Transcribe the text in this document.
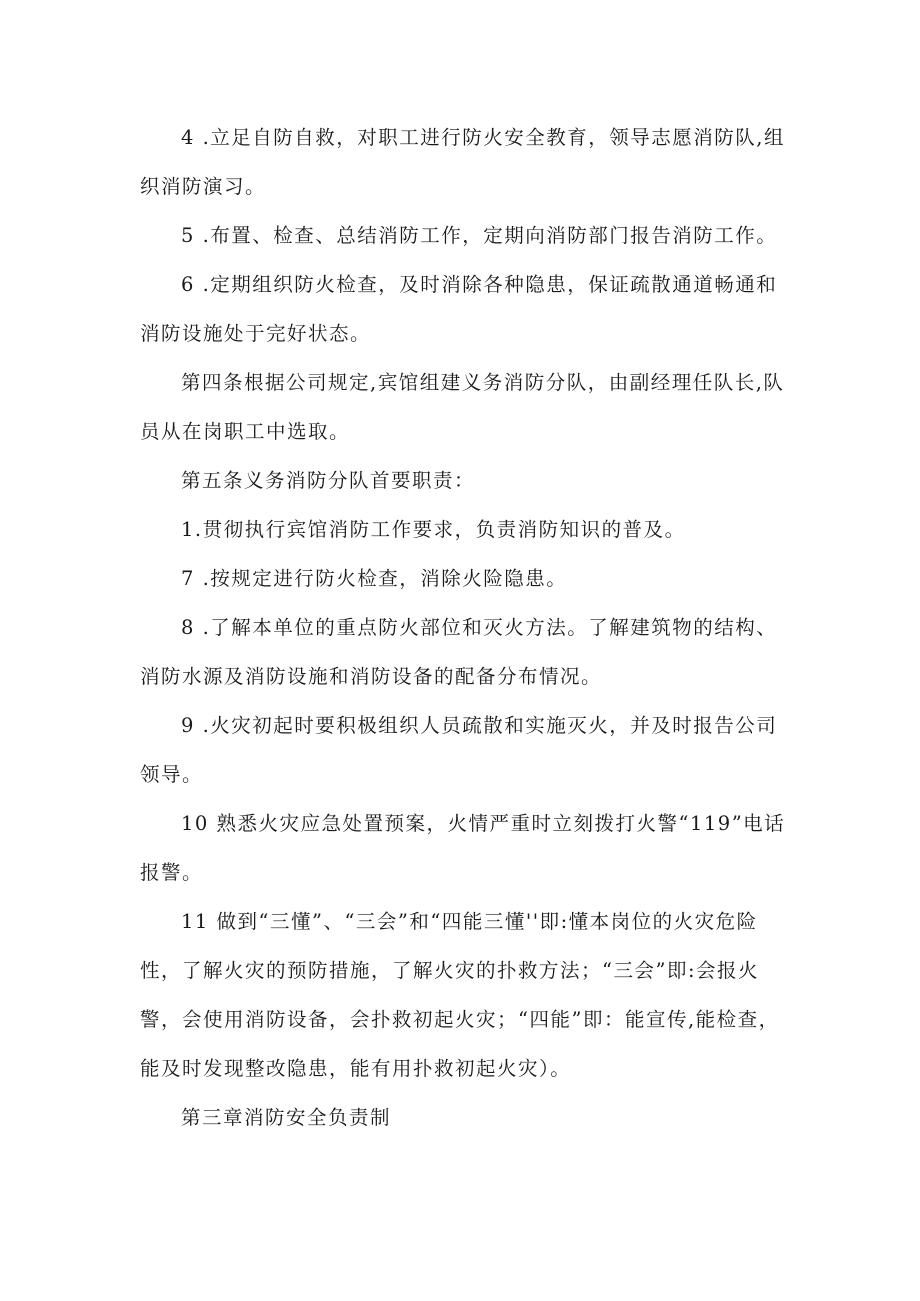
4 .立足自防自救，对职工进行防火安全教育，领导志愿消防队,组织消防演习。

5 .布置、检查、总结消防工作，定期向消防部门报告消防工作。

6 .定期组织防火检查，及时消除各种隐患，保证疏散通道畅通和消防设施处于完好状态。

第四条根据公司规定,宾馆组建义务消防分队，由副经理任队长,队员从在岗职工中选取。

第五条义务消防分队首要职责：

1.贯彻执行宾馆消防工作要求，负责消防知识的普及。

7 .按规定进行防火检查，消除火险隐患。

8 .了解本单位的重点防火部位和灭火方法。了解建筑物的结构、消防水源及消防设施和消防设备的配备分布情况。

9 .火灾初起时要积极组织人员疏散和实施灭火，并及时报告公司领导。

10 熟悉火灾应急处置预案，火情严重时立刻拨打火警“119”电话报警。

11 做到“三懂”、“三会”和“四能三懂''即:懂本岗位的火灾危险性，了解火灾的预防措施，了解火灾的扑救方法；“三会”即:会报火警，会使用消防设备，会扑救初起火灾；“四能”即：能宣传,能检查，能及时发现整改隐患，能有用扑救初起火灾）。

第三章消防安全负责制
